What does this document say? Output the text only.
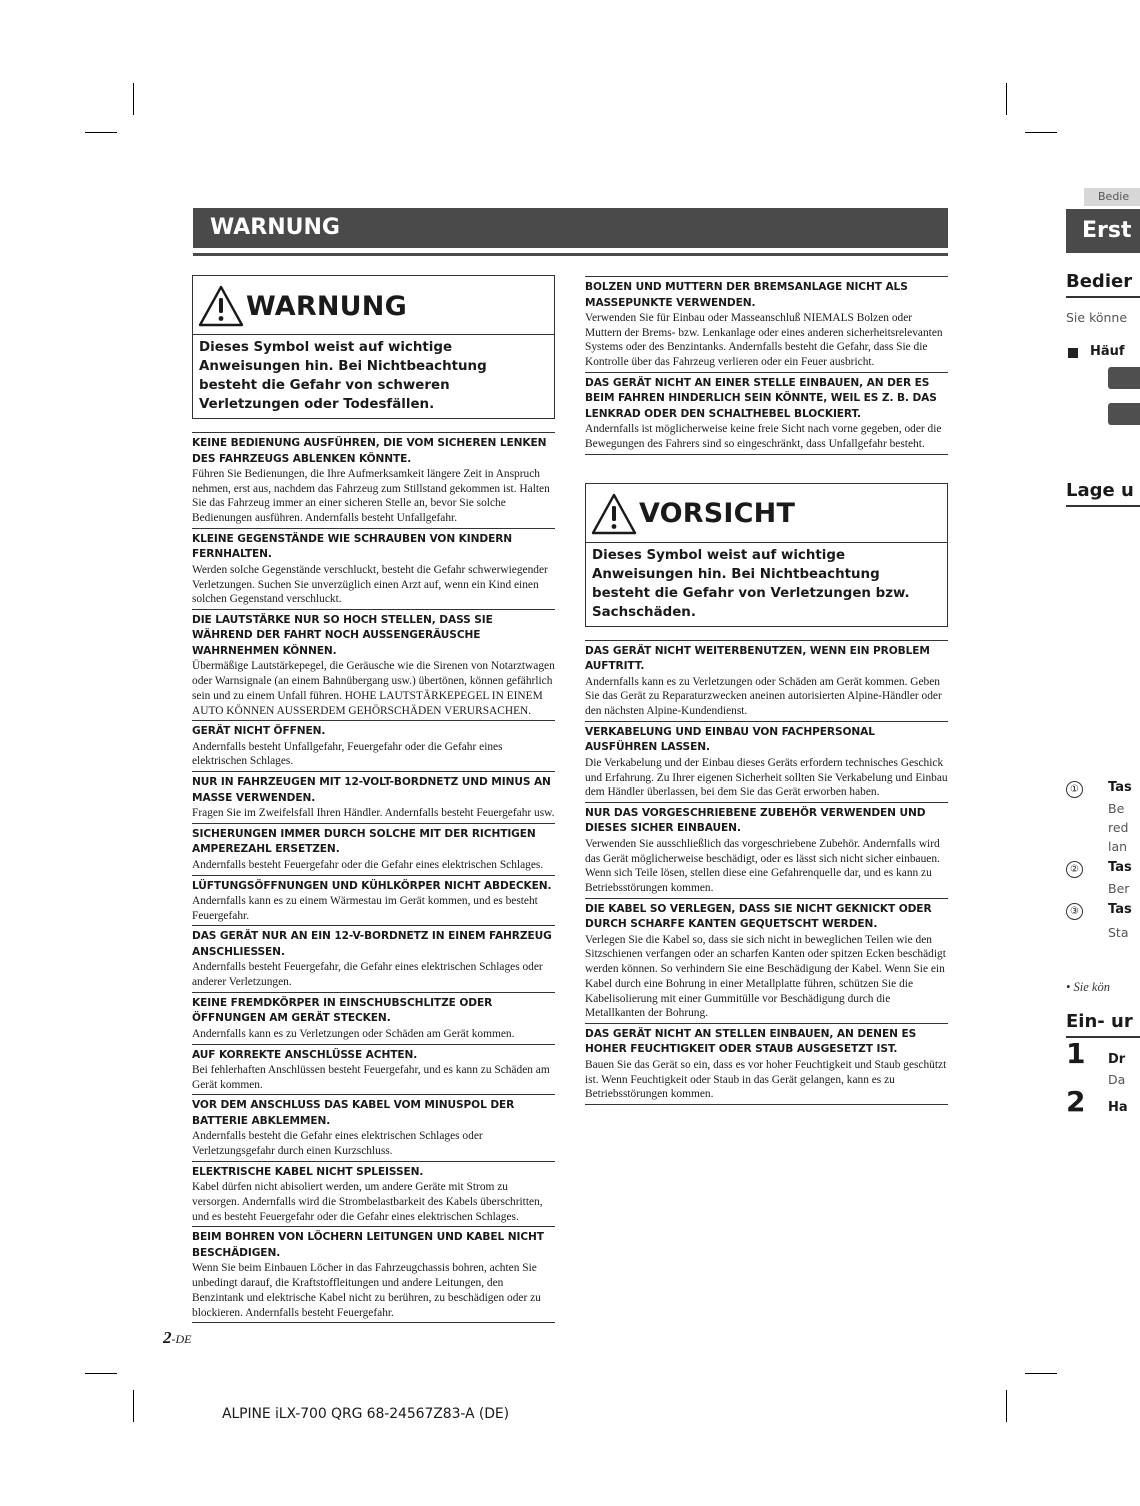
WARNUNG
WARNUNG
Dieses Symbol weist auf wichtige Anweisungen hin. Bei Nichtbeachtung besteht die Gefahr von schweren Verletzungen oder Todesfällen.
KEINE BEDIENUNG AUSFÜHREN, DIE VOM SICHEREN LENKEN DES FAHRZEUGS ABLENKEN KÖNNTE.
Führen Sie Bedienungen, die Ihre Aufmerksamkeit längere Zeit in Anspruch nehmen, erst aus, nachdem das Fahrzeug zum Stillstand gekommen ist. Halten Sie das Fahrzeug immer an einer sicheren Stelle an, bevor Sie solche Bedienungen ausführen. Andernfalls besteht Unfallgefahr.
KLEINE GEGENSTÄNDE WIE SCHRAUBEN VON KINDERN FERNHALTEN.
Werden solche Gegenstände verschluckt, besteht die Gefahr schwerwiegender Verletzungen. Suchen Sie unverzüglich einen Arzt auf, wenn ein Kind einen solchen Gegenstand verschluckt.
DIE LAUTSTÄRKE NUR SO HOCH STELLEN, DASS SIE WÄHREND DER FAHRT NOCH AUSSENGERÄUSCHE WAHRNEHMEN KÖNNEN.
Übermäßige Lautstärkepegel, die Geräusche wie die Sirenen von Notarztwagen oder Warnsignale (an einem Bahnübergang usw.) übertönen, können gefährlich sein und zu einem Unfall führen. HOHE LAUTSTÄRKEPEGEL IN EINEM AUTO KÖNNEN AUSSERDEM GEHÖRSCHÄDEN VERURSACHEN.
GERÄT NICHT ÖFFNEN.
Andernfalls besteht Unfallgefahr, Feuergefahr oder die Gefahr eines elektrischen Schlages.
NUR IN FAHRZEUGEN MIT 12-VOLT-BORDNETZ UND MINUS AN MASSE VERWENDEN.
Fragen Sie im Zweifelsfall Ihren Händler. Andernfalls besteht Feuergefahr usw.
SICHERUNGEN IMMER DURCH SOLCHE MIT DER RICHTIGEN AMPEREZAHL ERSETZEN.
Andernfalls besteht Feuergefahr oder die Gefahr eines elektrischen Schlages.
LÜFTUNGSÖFFNUNGEN UND KÜHLKÖRPER NICHT ABDECKEN.
Andernfalls kann es zu einem Wärmestau im Gerät kommen, und es besteht Feuergefahr.
DAS GERÄT NUR AN EIN 12-V-BORDNETZ IN EINEM FAHRZEUG ANSCHLIESSEN.
Andernfalls besteht Feuergefahr, die Gefahr eines elektrischen Schlages oder anderer Verletzungen.
KEINE FREMDKÖRPER IN EINSCHUBSCHLITZE ODER ÖFFNUNGEN AM GERÄT STECKEN.
Andernfalls kann es zu Verletzungen oder Schäden am Gerät kommen.
AUF KORREKTE ANSCHLÜSSE ACHTEN.
Bei fehlerhaften Anschlüssen besteht Feuergefahr, und es kann zu Schäden am Gerät kommen.
VOR DEM ANSCHLUSS DAS KABEL VOM MINUSPOL DER BATTERIE ABKLEMMEN.
Andernfalls besteht die Gefahr eines elektrischen Schlages oder Verletzungsgefahr durch einen Kurzschluss.
ELEKTRISCHE KABEL NICHT SPLEISSEN.
Kabel dürfen nicht abisoliert werden, um andere Geräte mit Strom zu versorgen. Andernfalls wird die Strombelastbarkeit des Kabels überschritten, und es besteht Feuergefahr oder die Gefahr eines elektrischen Schlages.
BEIM BOHREN VON LÖCHERN LEITUNGEN UND KABEL NICHT BESCHÄDIGEN.
Wenn Sie beim Einbauen Löcher in das Fahrzeugchassis bohren, achten Sie unbedingt darauf, die Kraftstoffleitungen und andere Leitungen, den Benzintank und elektrische Kabel nicht zu berühren, zu beschädigen oder zu blockieren. Andernfalls besteht Feuergefahr.
BOLZEN UND MUTTERN DER BREMSANLAGE NICHT ALS MASSEPUNKTE VERWENDEN.
Verwenden Sie für Einbau oder Masseanschluß NIEMALS Bolzen oder Muttern der Brems- bzw. Lenkanlage oder eines anderen sicherheitsrelevanten Systems oder des Benzintanks. Andernfalls besteht die Gefahr, dass Sie die Kontrolle über das Fahrzeug verlieren oder ein Feuer ausbricht.
DAS GERÄT NICHT AN EINER STELLE EINBAUEN, AN DER ES BEIM FAHREN HINDERLICH SEIN KÖNNTE, WEIL ES Z. B. DAS LENKRAD ODER DEN SCHALTHEBEL BLOCKIERT.
Andernfalls ist möglicherweise keine freie Sicht nach vorne gegeben, oder die Bewegungen des Fahrers sind so eingeschränkt, dass Unfallgefahr besteht.
VORSICHT
Dieses Symbol weist auf wichtige Anweisungen hin. Bei Nichtbeachtung besteht die Gefahr von Verletzungen bzw. Sachschäden.
DAS GERÄT NICHT WEITERBENUTZEN, WENN EIN PROBLEM AUFTRITT.
Andernfalls kann es zu Verletzungen oder Schäden am Gerät kommen. Geben Sie das Gerät zu Reparaturzwecken aneinen autorisierten Alpine-Händler oder den nächsten Alpine-Kundendienst.
VERKABELUNG UND EINBAU VON FACHPERSONAL AUSFÜHREN LASSEN.
Die Verkabelung und der Einbau dieses Geräts erfordern technisches Geschick und Erfahrung. Zu Ihrer eigenen Sicherheit sollten Sie Verkabelung und Einbau dem Händler überlassen, bei dem Sie das Gerät erworben haben.
NUR DAS VORGESCHRIEBENE ZUBEHÖR VERWENDEN UND DIESES SICHER EINBAUEN.
Verwenden Sie ausschließlich das vorgeschriebene Zubehör. Andernfalls wird das Gerät möglicherweise beschädigt, oder es lässt sich nicht sicher einbauen. Wenn sich Teile lösen, stellen diese eine Gefahrenquelle dar, und es kann zu Betriebsstörungen kommen.
DIE KABEL SO VERLEGEN, DASS SIE NICHT GEKNICKT ODER DURCH SCHARFE KANTEN GEQUETSCHT WERDEN.
Verlegen Sie die Kabel so, dass sie sich nicht in beweglichen Teilen wie den Sitzschienen verfangen oder an scharfen Kanten oder spitzen Ecken beschädigt werden können. So verhindern Sie eine Beschädigung der Kabel. Wenn Sie ein Kabel durch eine Bohrung in einer Metallplatte führen, schützen Sie die Kabelisolierung mit einer Gummitülle vor Beschädigung durch die Metallkanten der Bohrung.
DAS GERÄT NICHT AN STELLEN EINBAUEN, AN DENEN ES HOHER FEUCHTIGKEIT ODER STAUB AUSGESETZT IST.
Bauen Sie das Gerät so ein, dass es vor hoher Feuchtigkeit und Staub geschützt ist. Wenn Feuchtigkeit oder Staub in das Gerät gelangen, kann es zu Betriebsstörungen kommen.
2-DE
ALPINE iLX-700 QRG 68-24567Z83-A (DE)
Bedie
Erst
Bedier
Sie könne
Häuf
Lage u
①	Tas
Be
red
lan
②	Tas
Ber
③	Tas
Sta
• Sie kön
Ein- ur
1 Dr
Da
2 Ha
